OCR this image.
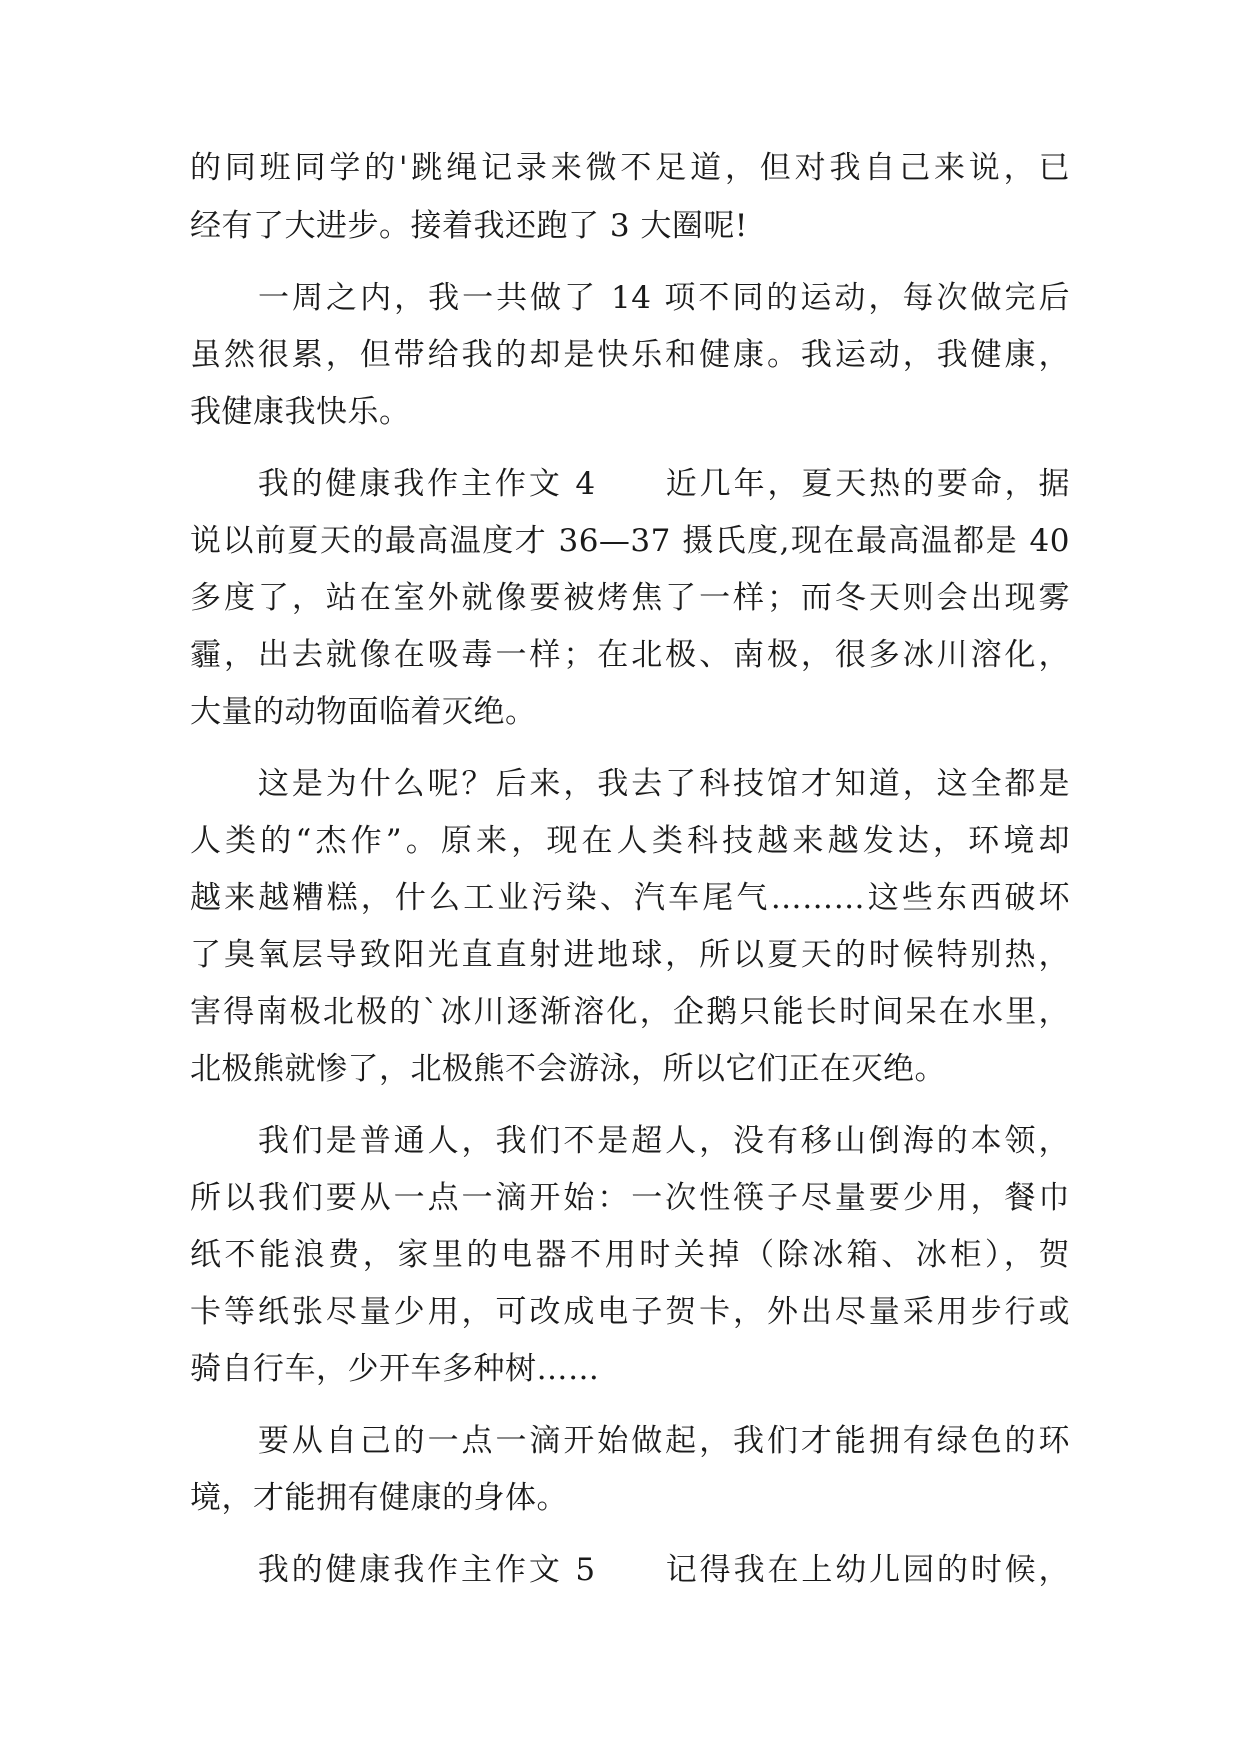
的同班同学的'跳绳记录来微不足道，但对我自己来说，已
经有了大进步。接着我还跑了 3 大圈呢!
　　一周之内，我一共做了 14 项不同的运动，每次做完后
虽然很累，但带给我的却是快乐和健康。我运动，我健康，
我健康我快乐。
　　我的健康我作主作文 4　　近几年，夏天热的要命，据
说以前夏天的最高温度才 36—37 摄氏度,现在最高温都是 40
多度了，站在室外就像要被烤焦了一样；而冬天则会出现雾
霾，出去就像在吸毒一样；在北极、南极，很多冰川溶化，
大量的动物面临着灭绝。
　　这是为什么呢？后来，我去了科技馆才知道，这全都是
人类的“杰作”。原来，现在人类科技越来越发达，环境却
越来越糟糕，什么工业污染、汽车尾气………这些东西破坏
了臭氧层导致阳光直直射进地球，所以夏天的时候特别热，
害得南极北极的`冰川逐渐溶化，企鹅只能长时间呆在水里，
北极熊就惨了，北极熊不会游泳，所以它们正在灭绝。
　　我们是普通人，我们不是超人，没有移山倒海的本领，
所以我们要从一点一滴开始：一次性筷子尽量要少用，餐巾
纸不能浪费，家里的电器不用时关掉（除冰箱、冰柜），贺
卡等纸张尽量少用，可改成电子贺卡，外出尽量采用步行或
骑自行车，少开车多种树……
　　要从自己的一点一滴开始做起，我们才能拥有绿色的环
境，才能拥有健康的身体。
　　我的健康我作主作文 5　　记得我在上幼儿园的时候，
